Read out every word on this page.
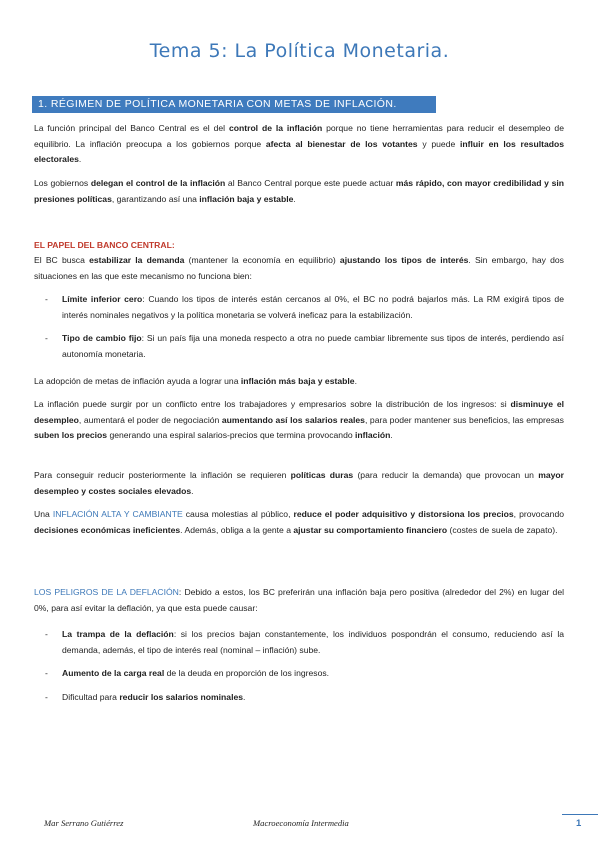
Tema 5: La Política Monetaria.
1. RÉGIMEN DE POLÍTICA MONETARIA CON METAS DE INFLACIÓN.
La función principal del Banco Central es el del control de la inflación porque no tiene herramientas para reducir el desempleo de equilibrio. La inflación preocupa a los gobiernos porque afecta al bienestar de los votantes y puede influir en los resultados electorales.
Los gobiernos delegan el control de la inflación al Banco Central porque este puede actuar más rápido, con mayor credibilidad y sin presiones políticas, garantizando así una inflación baja y estable.
EL PAPEL DEL BANCO CENTRAL:
El BC busca estabilizar la demanda (mantener la economía en equilibrio) ajustando los tipos de interés. Sin embargo, hay dos situaciones en las que este mecanismo no funciona bien:
- Límite inferior cero: Cuando los tipos de interés están cercanos al 0%, el BC no podrá bajarlos más. La RM exigirá tipos de interés nominales negativos y la política monetaria se volverá ineficaz para la estabilización.
- Tipo de cambio fijo: Si un país fija una moneda respecto a otra no puede cambiar libremente sus tipos de interés, perdiendo así autonomía monetaria.
La adopción de metas de inflación ayuda a lograr una inflación más baja y estable.
La inflación puede surgir por un conflicto entre los trabajadores y empresarios sobre la distribución de los ingresos: si disminuye el desempleo, aumentará el poder de negociación aumentando así los salarios reales, para poder mantener sus beneficios, las empresas suben los precios generando una espiral salarios-precios que termina provocando inflación.
Para conseguir reducir posteriormente la inflación se requieren políticas duras (para reducir la demanda) que provocan un mayor desempleo y costes sociales elevados.
Una INFLACIÓN ALTA Y CAMBIANTE causa molestias al público, reduce el poder adquisitivo y distorsiona los precios, provocando decisiones económicas ineficientes. Además, obliga a la gente a ajustar su comportamiento financiero (costes de suela de zapato).
LOS PELIGROS DE LA DEFLACIÓN: Debido a estos, los BC preferirán una inflación baja pero positiva (alrededor del 2%) en lugar del 0%, para así evitar la deflación, ya que esta puede causar:
- La trampa de la deflación: si los precios bajan constantemente, los individuos pospondrán el consumo, reduciendo así la demanda, además, el tipo de interés real (nominal – inflación) sube.
- Aumento de la carga real de la deuda en proporción de los ingresos.
- Dificultad para reducir los salarios nominales.
Mar Serrano Gutiérrez	Macroeconomía Intermedia	1
